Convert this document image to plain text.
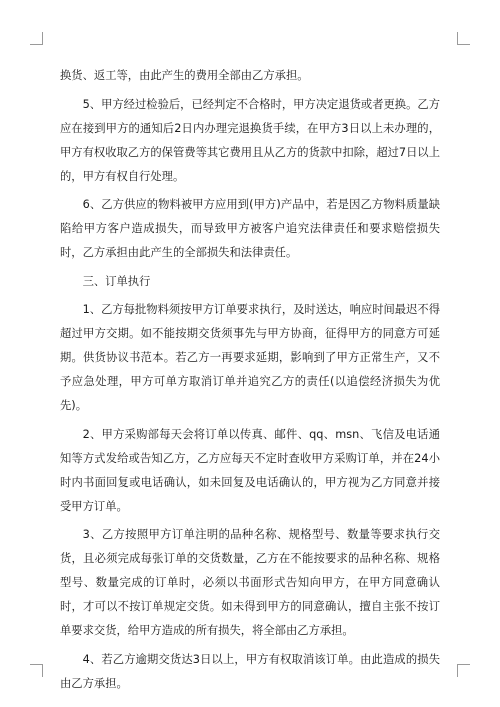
换货、返工等，由此产生的费用全部由乙方承担。

5、甲方经过检验后，已经判定不合格时，甲方决定退货或者更换。乙方应在接到甲方的通知后2日内办理完退换货手续，在甲方3日以上未办理的，甲方有权收取乙方的保管费等其它费用且从乙方的货款中扣除，超过7日以上的，甲方有权自行处理。

6、乙方供应的物料被甲方应用到(甲方)产品中，若是因乙方物料质量缺陷给甲方客户造成损失，而导致甲方被客户追究法律责任和要求赔偿损失时，乙方承担由此产生的全部损失和法律责任。

三、订单执行

1、乙方每批物料须按甲方订单要求执行，及时送达，响应时间最迟不得超过甲方交期。如不能按期交货须事先与甲方协商，征得甲方的同意方可延期。供货协议书范本。若乙方一再要求延期，影响到了甲方正常生产，又不予应急处理，甲方可单方取消订单并追究乙方的责任(以追偿经济损失为优先)。

2、甲方采购部每天会将订单以传真、邮件、qq、msn、飞信及电话通知等方式发给或告知乙方，乙方应每天不定时查收甲方采购订单，并在24小时内书面回复或电话确认，如未回复及电话确认的，甲方视为乙方同意并接受甲方订单。

3、乙方按照甲方订单注明的品种名称、规格型号、数量等要求执行交货，且必须完成每张订单的交货数量，乙方在不能按要求的品种名称、规格型号、数量完成的订单时，必须以书面形式告知向甲方，在甲方同意确认时，才可以不按订单规定交货。如未得到甲方的同意确认，擅自主张不按订单要求交货，给甲方造成的所有损失，将全部由乙方承担。

4、若乙方逾期交货达3日以上，甲方有权取消该订单。由此造成的损失由乙方承担。
